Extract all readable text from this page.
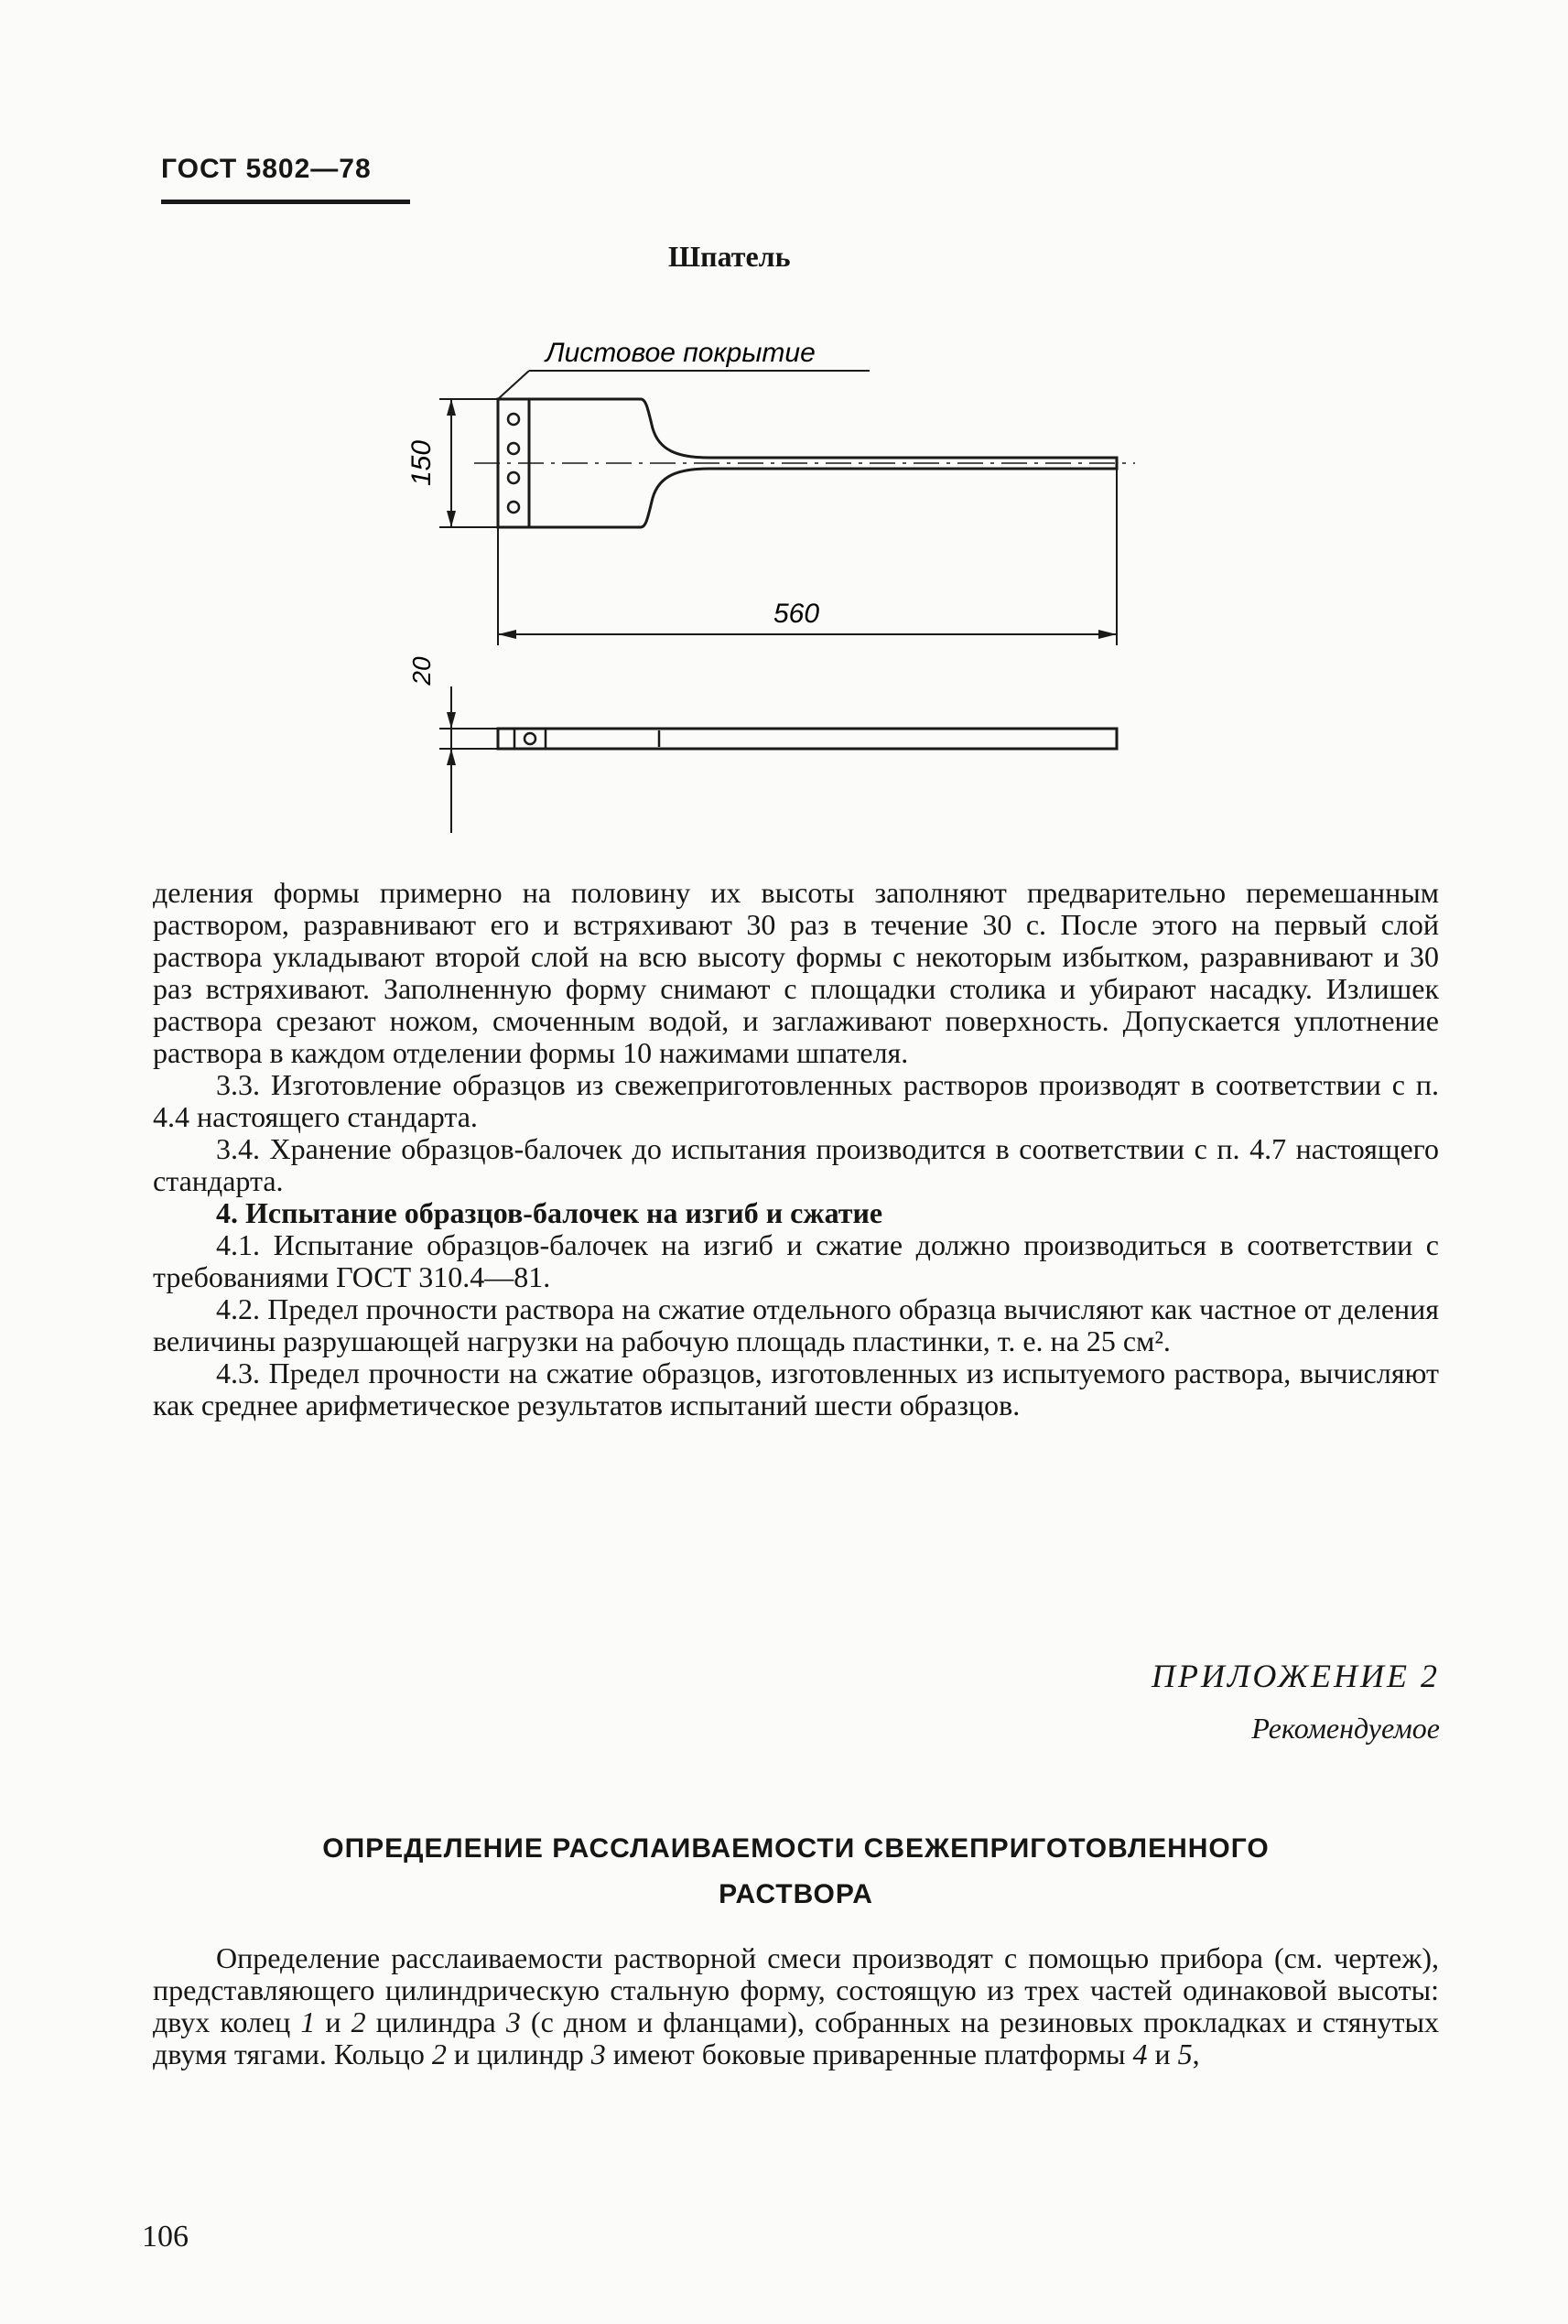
ГОСТ 5802—78
Шпатель
Листовое покрытие
150
560
20

деления формы примерно на половину их высоты заполняют предварительно перемешанным раствором, разравнивают его и встряхивают 30 раз в течение 30 с. После этого на первый слой раствора укладывают второй слой на всю высоту формы с некоторым избытком, разравнивают и 30 раз встряхивают. Заполненную форму снимают с площадки столика и убирают насадку. Излишек раствора срезают ножом, смоченным водой, и заглаживают поверхность. Допускается уплотнение раствора в каждом отделении формы 10 нажимами шпателя.

3.3. Изготовление образцов из свежеприготовленных растворов производят в соответствии с п. 4.4 настоящего стандарта.

3.4. Хранение образцов-балочек до испытания производится в соответствии с п. 4.7 настоящего стандарта.

4. Испытание образцов-балочек на изгиб и сжатие

4.1. Испытание образцов-балочек на изгиб и сжатие должно производиться в соответствии с требованиями ГОСТ 310.4—81.

4.2. Предел прочности раствора на сжатие отдельного образца вычисляют как частное от деления величины разрушающей нагрузки на рабочую площадь пластинки, т. е. на 25 см².

4.3. Предел прочности на сжатие образцов, изготовленных из испытуемого раствора, вычисляют как среднее арифметическое результатов испытаний шести образцов.

ПРИЛОЖЕНИЕ 2

Рекомендуемое

ОПРЕДЕЛЕНИЕ РАССЛАИВАЕМОСТИ СВЕЖЕПРИГОТОВЛЕННОГО
РАСТВОРА

Определение расслаиваемости растворной смеси производят с помощью прибора (см. чертеж), представляющего цилиндрическую стальную форму, состоящую из трех частей одинаковой высоты: двух колец 1 и 2 цилиндра 3 (с дном и фланцами), собранных на резиновых прокладках и стянутых двумя тягами. Кольцо 2 и цилиндр 3 имеют боковые приваренные платформы 4 и 5,

106
